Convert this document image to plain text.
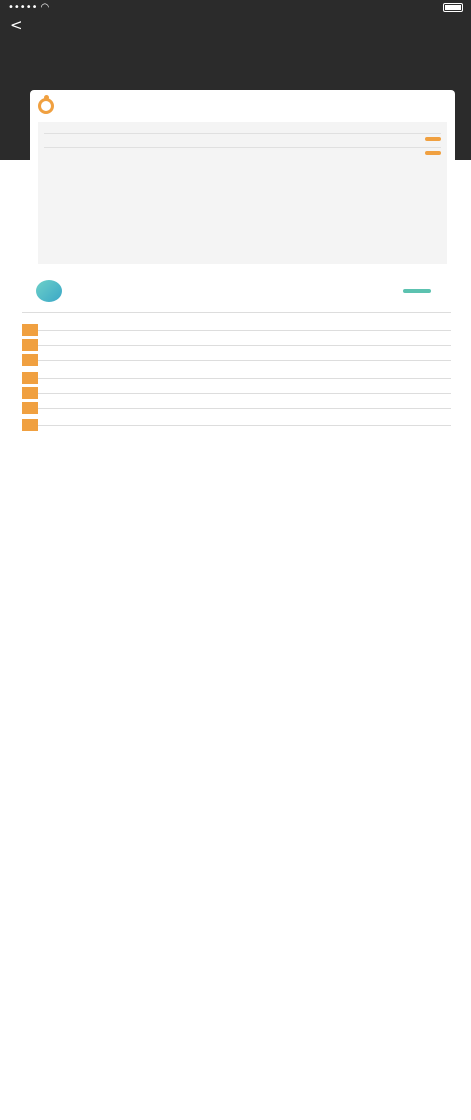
••••• ◠
<
